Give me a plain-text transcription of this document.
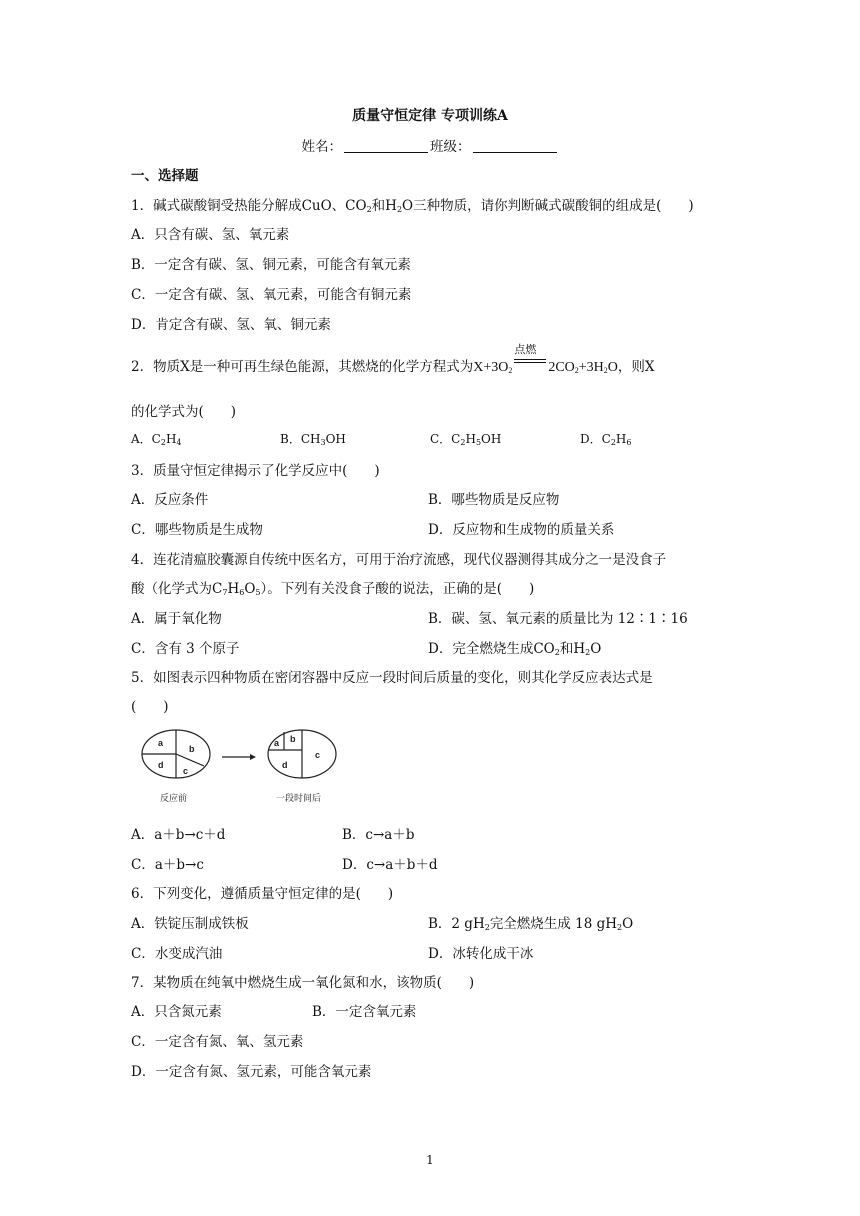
质量守恒定律 专项训练A
姓名：	班级：
一、选择题
1．碱式碳酸铜受热能分解成CuO、$CO_2$和$H_2O$三种物质，请你判断碱式碳酸铜的组成是(　　)
A．只含有碳、氢、氧元素
B．一定含有碳、氢、铜元素，可能含有氧元素
C．一定含有碳、氢、氧元素，可能含有铜元素
D．肯定含有碳、氢、氧、铜元素
2．物质X是一种可再生绿色能源，其燃烧的化学方程式为$X+3O_2$
点燃
$2CO_2+3H_2O$，则X
的化学式为(　　)
A．$C_2H_4$	B．$CH_3OH$	C．$C_2H_5OH$	D．$C_2H_6$
3．质量守恒定律揭示了化学反应中(　　)
A．反应条件	B．哪些物质是反应物
C．哪些物质是生成物	D．反应物和生成物的质量关系
4．连花清瘟胶囊源自传统中医名方，可用于治疗流感，现代仪器测得其成分之一是没食子
酸（化学式为$C_7H_6O_5$）。下列有关没食子酸的说法，正确的是(　　)
A．属于氧化物	B．碳、氢、氧元素的质量比为 12∶1∶16
C．含有 3 个原子	D．完全燃烧生成$CO_2$和$H_2O$
5．如图表示四种物质在密闭容器中反应一段时间后质量的变化，则其化学反应表达式是
(　　)
a
b
c
d
a b
c
d
反应前	一段时间后
A．a＋b→c＋d	B．c→a＋b
C．a＋b→c	D．c→a＋b＋d
6．下列变化，遵循质量守恒定律的是(　　)
A．铁锭压制成铁板	B．2 $gH_2$完全燃烧生成 18 $gH_2O$
C．水变成汽油	D．冰转化成干冰
7．某物质在纯氧中燃烧生成一氧化氮和水，该物质(　　)
A．只含氮元素	B．一定含氧元素
C．一定含有氮、氧、氢元素
D．一定含有氮、氢元素，可能含氧元素
1
